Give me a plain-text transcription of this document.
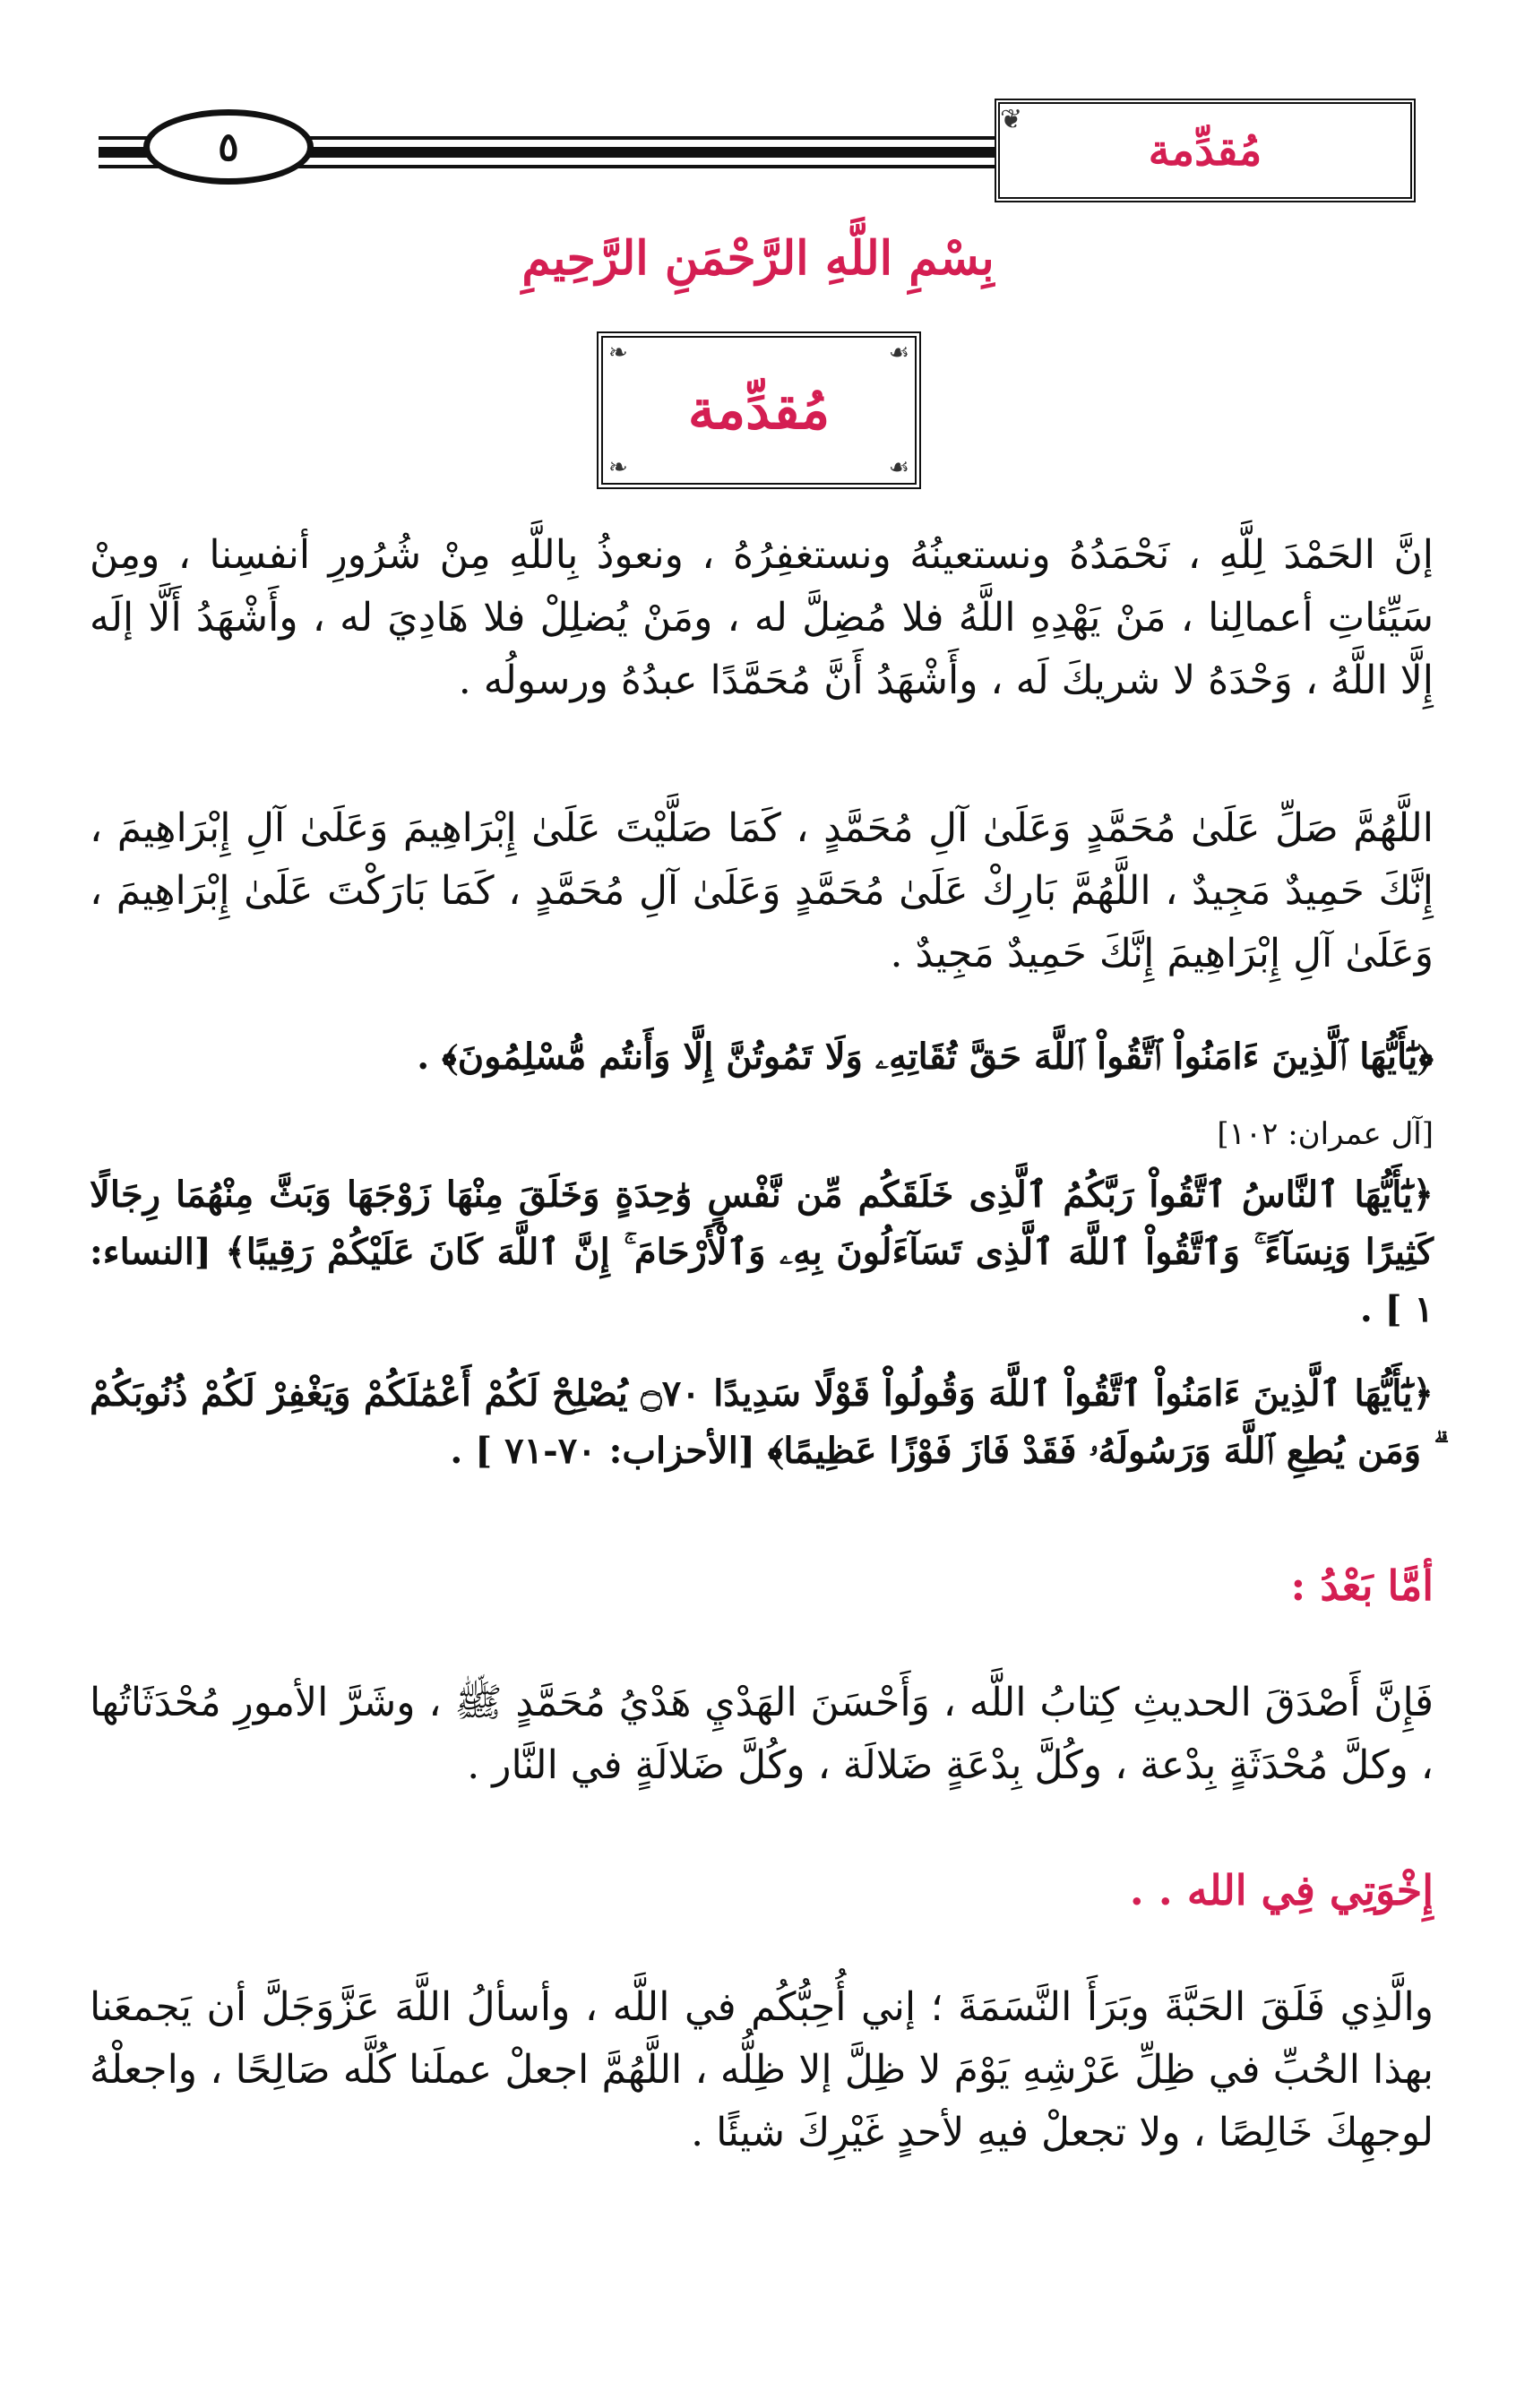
٥	مُقدِّمة
❦
بِسْمِ اللَّهِ الرَّحْمَنِ الرَّحِيمِ
❧	☙
❧	☙
مُقدِّمة
إنَّ الحَمْدَ لِلَّهِ ، نَحْمَدُهُ ونستعينُهُ ونستغفِرُهُ ، ونعوذُ بِاللَّهِ مِنْ شُرُورِ أنفسِنا ، ومِنْ سَيِّئاتِ أعمالِنا ، مَنْ يَهْدِهِ اللَّهُ فلا مُضِلَّ له ، ومَنْ يُضلِلْ فلا هَادِيَ له ، وأَشْهَدُ أَلَّا إلَه إِلَّا اللَّهُ ، وَحْدَهُ لا شريكَ لَه ، وأَشْهَدُ أَنَّ مُحَمَّدًا عبدُهُ ورسولُه .
اللَّهُمَّ صَلِّ عَلَىٰ مُحَمَّدٍ وَعَلَىٰ آلِ مُحَمَّدٍ ، كَمَا صَلَّيْتَ عَلَىٰ إِبْرَاهِيمَ وَعَلَىٰ آلِ إِبْرَاهِيمَ ، إِنَّكَ حَمِيدٌ مَجِيدٌ ، اللَّهُمَّ بَارِكْ عَلَىٰ مُحَمَّدٍ وَعَلَىٰ آلِ مُحَمَّدٍ ، كَمَا بَارَكْتَ عَلَىٰ إِبْرَاهِيمَ ، وَعَلَىٰ آلِ إِبْرَاهِيمَ إِنَّكَ حَمِيدٌ مَجِيدٌ .
﴿يَٰٓأَيُّهَا ٱلَّذِينَ ءَامَنُواْ ٱتَّقُواْ ٱللَّهَ حَقَّ تُقَاتِهِۦ وَلَا تَمُوتُنَّ إِلَّا وَأَنتُم مُّسْلِمُونَ﴾ .
[آل عمران: ١٠٢]
﴿يَٰٓأَيُّهَا ٱلنَّاسُ ٱتَّقُواْ رَبَّكُمُ ٱلَّذِى خَلَقَكُم مِّن نَّفْسٍ وَٰحِدَةٍ وَخَلَقَ مِنْهَا زَوْجَهَا وَبَثَّ مِنْهُمَا رِجَالًا كَثِيرًا وَنِسَآءً ۚ وَٱتَّقُواْ ٱللَّهَ ٱلَّذِى تَسَآءَلُونَ بِهِۦ وَٱلْأَرْحَامَ ۚ إِنَّ ٱللَّهَ كَانَ عَلَيْكُمْ رَقِيبًا﴾ [النساء: ١ ] .
﴿يَٰٓأَيُّهَا ٱلَّذِينَ ءَامَنُواْ ٱتَّقُواْ ٱللَّهَ وَقُولُواْ قَوْلًا سَدِيدًا ۝٧٠ يُصْلِحْ لَكُمْ أَعْمَٰلَكُمْ وَيَغْفِرْ لَكُمْ ذُنُوبَكُمْ ۗ وَمَن يُطِعِ ٱللَّهَ وَرَسُولَهُۥ فَقَدْ فَازَ فَوْزًا عَظِيمًا﴾ [الأحزاب: ٧٠-٧١ ] .
أمَّا بَعْدُ :
فَإِنَّ أَصْدَقَ الحديثِ كِتابُ اللَّه ، وَأَحْسَنَ الهَدْيِ هَدْيُ مُحَمَّدٍ ﷺ ، وشَرَّ الأمورِ مُحْدَثَاتُها ، وكلَّ مُحْدَثَةٍ بِدْعة ، وكُلَّ بِدْعَةٍ ضَلالَة ، وكُلَّ ضَلالَةٍ في النَّار .
إِخْوَتِي فِي الله . .
والَّذِي فَلَقَ الحَبَّةَ وبَرَأَ النَّسَمَةَ ؛ إني أُحِبُّكُم في اللَّه ، وأسألُ اللَّهَ عَزَّوَجَلَّ أن يَجمعَنا بهذا الحُبِّ في ظِلِّ عَرْشِهِ يَوْمَ لا ظِلَّ إلا ظِلُّه ، اللَّهُمَّ اجعلْ عملَنا كُلَّه صَالِحًا ، واجعلْهُ لوجهِكَ خَالِصًا ، ولا تجعلْ فيهِ لأحدٍ غَيْرِكَ شيئًا .
